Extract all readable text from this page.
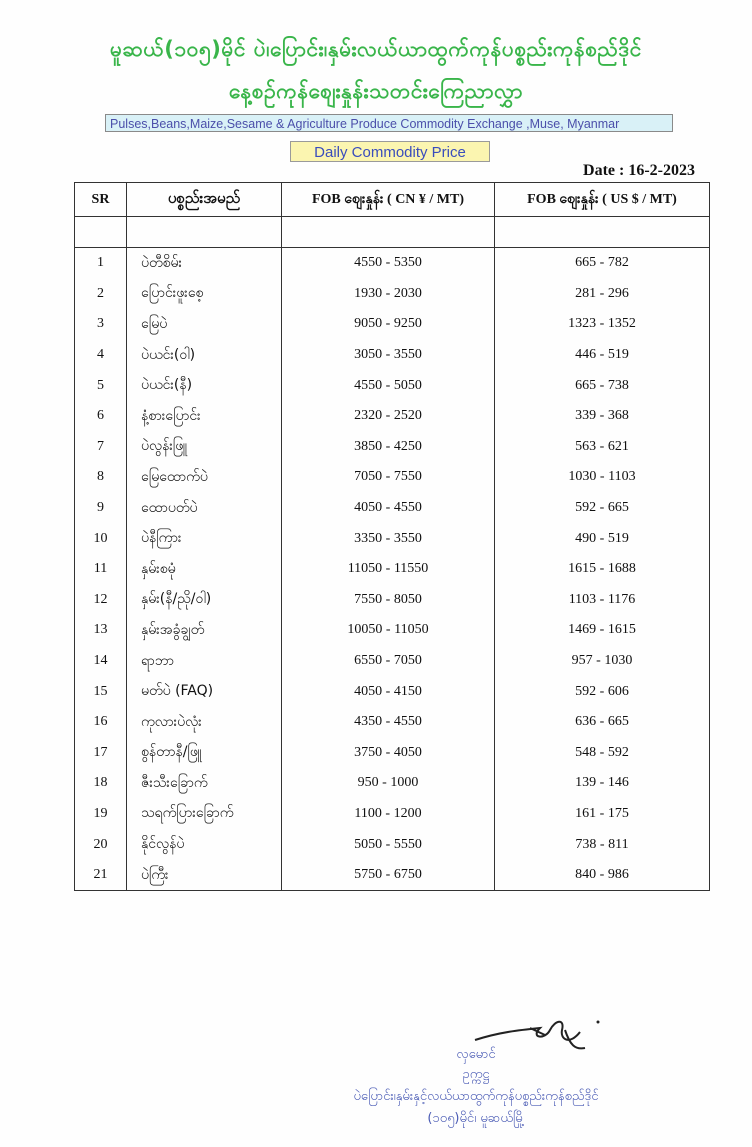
မူဆယ်(၁၀၅)မိုင် ပဲ၊ပြောင်း၊နှမ်းလယ်ယာထွက်ကုန်ပစ္စည်းကုန်စည်ဒိုင်
နေ့စဉ်ကုန်စျေးနှုန်းသတင်းကြေညာလွှာ
Pulses,Beans,Maize,Sesame & Agriculture Produce Commodity Exchange ,Muse, Myanmar
Daily Commodity Price
Date : 16-2-2023
SR	ပစ္စည်းအမည်	FOB စျေးနှုန်း ( CN ¥ / MT)	FOB စျေးနှုန်း ( US $ / MT)

1	ပဲတီစိမ်း	4550 - 5350	665 - 782
2	ပြောင်းဖူးစေ့	1930 - 2030	281 - 296
3	မြေပဲ	9050 - 9250	1323 - 1352
4	ပဲယင်း(ဝါ)	3050 - 3550	446 - 519
5	ပဲယင်း(နီ)	4550 - 5050	665 - 738
6	နံ့စားပြောင်း	2320 - 2520	339 - 368
7	ပဲလွန်းဖြူ	3850 - 4250	563 - 621
8	မြေထောက်ပဲ	7050 - 7550	1030 - 1103
9	ထောပတ်ပဲ	4050 - 4550	592 - 665
10	ပဲနီကြား	3350 - 3550	490 - 519
11	နှမ်းစမုံ	11050 - 11550	1615 - 1688
12	နှမ်း(နီ/ညို/ဝါ)	7550 - 8050	1103 - 1176
13	နှမ်းအခွံချွတ်	10050 - 11050	1469 - 1615
14	ရာဘာ	6550 - 7050	957 - 1030
15	မတ်ပဲ (FAQ)	4050 - 4150	592 - 606
16	ကုလားပဲလုံး	4350 - 4550	636 - 665
17	စွန်တာနီ/ဖြူ	3750 - 4050	548 - 592
18	ဇီးသီးခြောက်	950 - 1000	139 - 146
19	သရက်ပြားခြောက်	1100 - 1200	161 - 175
20	နိုင်လွန်ပဲ	5050 - 5550	738 - 811
21	ပဲကြီး	5750 - 6750	840 - 986
လှမောင်
ဥက္ကဋ္ဌ
ပဲပြောင်း၊နှမ်းနှင့်လယ်ယာထွက်ကုန်ပစ္စည်းကုန်စည်ဒိုင်
(၁၀၅)မိုင်၊ မူဆယ်မြို့
